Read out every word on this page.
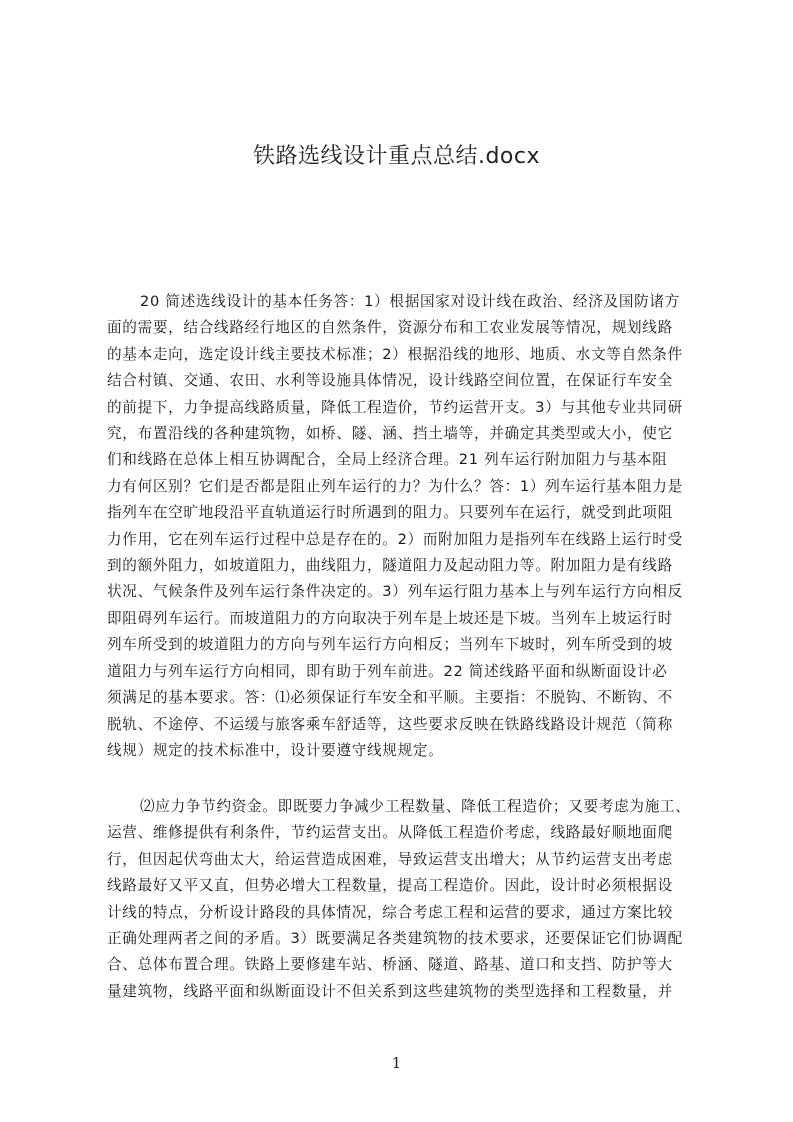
铁路选线设计重点总结.docx
20 简述选线设计的基本任务答：1）根据国家对设计线在政治、经济及国防诸方
面的需要，结合线路经行地区的自然条件，资源分布和工农业发展等情况，规划线路
的基本走向，选定设计线主要技术标准；2）根据沿线的地形、地质、水文等自然条件
结合村镇、交通、农田、水利等设施具体情况，设计线路空间位置，在保证行车安全
的前提下，力争提高线路质量，降低工程造价，节约运营开支。3）与其他专业共同研
究，布置沿线的各种建筑物，如桥、隧、涵、挡土墙等，并确定其类型或大小，使它
们和线路在总体上相互协调配合，全局上经济合理。21 列车运行附加阻力与基本阻
力有何区别？它们是否都是阻止列车运行的力？为什么？答：1）列车运行基本阻力是
指列车在空旷地段沿平直轨道运行时所遇到的阻力。只要列车在运行，就受到此项阻
力作用，它在列车运行过程中总是存在的。2）而附加阻力是指列车在线路上运行时受
到的额外阻力，如坡道阻力，曲线阻力，隧道阻力及起动阻力等。附加阻力是有线路
状况、气候条件及列车运行条件决定的。3）列车运行阻力基本上与列车运行方向相反
即阻碍列车运行。而坡道阻力的方向取决于列车是上坡还是下坡。当列车上坡运行时
列车所受到的坡道阻力的方向与列车运行方向相反；当列车下坡时，列车所受到的坡
道阻力与列车运行方向相同，即有助于列车前进。22 简述线路平面和纵断面设计必
须满足的基本要求。答：⑴必须保证行车安全和平顺。主要指：不脱钩、不断钩、不
脱轨、不途停、不运缓与旅客乘车舒适等，这些要求反映在铁路线路设计规范（简称
线规）规定的技术标准中，设计要遵守线规规定。
⑵应力争节约资金。即既要力争减少工程数量、降低工程造价；又要考虑为施工、
运营、维修提供有利条件，节约运营支出。从降低工程造价考虑，线路最好顺地面爬
行，但因起伏弯曲太大，给运营造成困难，导致运营支出增大；从节约运营支出考虑
线路最好又平又直，但势必增大工程数量，提高工程造价。因此，设计时必须根据设
计线的特点，分析设计路段的具体情况，综合考虑工程和运营的要求，通过方案比较
正确处理两者之间的矛盾。3）既要满足各类建筑物的技术要求，还要保证它们协调配
合、总体布置合理。铁路上要修建车站、桥涵、隧道、路基、道口和支挡、防护等大
量建筑物，线路平面和纵断面设计不但关系到这些建筑物的类型选择和工程数量，并
1
